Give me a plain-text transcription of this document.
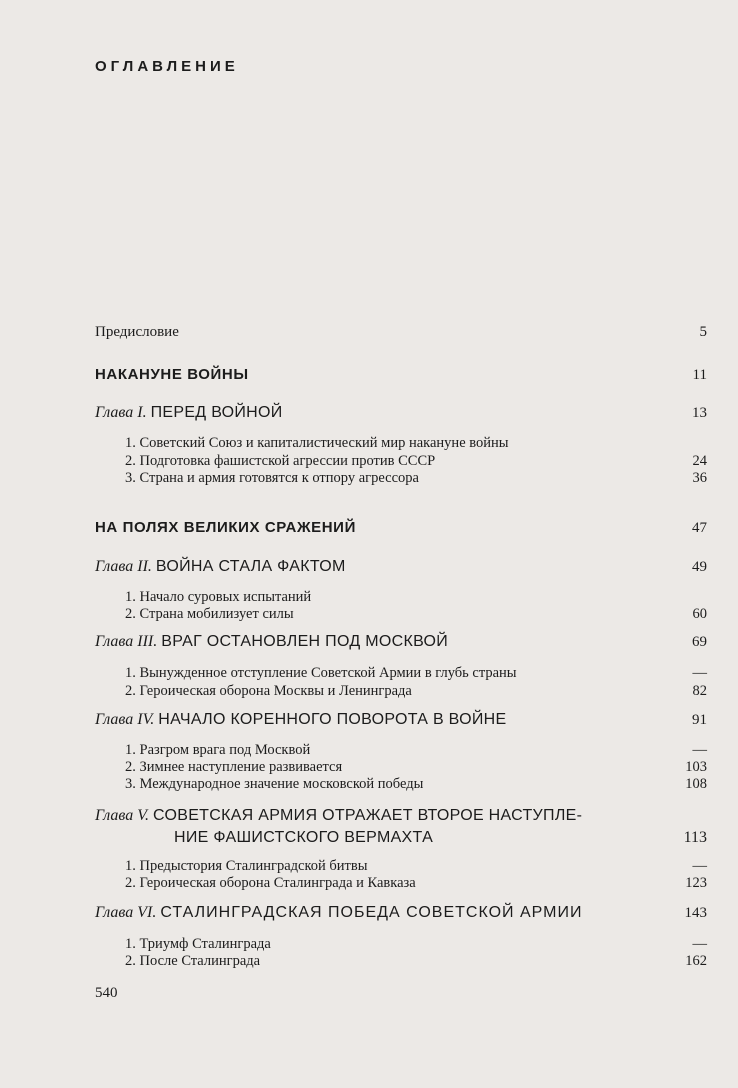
ОГЛАВЛЕНИЕ
Предисловие	5
НАКАНУНЕ ВОЙНЫ	11
Глава I. ПЕРЕД ВОЙНОЙ	13
1. Советский Союз и капиталистический мир накануне войны
2. Подготовка фашистской агрессии против СССР	24
3. Страна и армия готовятся к отпору агрессора	36
НА ПОЛЯХ ВЕЛИКИХ СРАЖЕНИЙ	47
Глава II. ВОЙНА СТАЛА ФАКТОМ	49
1. Начало суровых испытаний
2. Страна мобилизует силы	60
Глава III. ВРАГ ОСТАНОВЛЕН ПОД МОСКВОЙ	69
1. Вынужденное отступление Советской Армии в глубь страны	—
2. Героическая оборона Москвы и Ленинграда	82
Глава IV. НАЧАЛО КОРЕННОГО ПОВОРОТА В ВОЙНЕ	91
1. Разгром врага под Москвой	—
2. Зимнее наступление развивается	103
3. Международное значение московской победы	108
Глава V. СОВЕТСКАЯ АРМИЯ ОТРАЖАЕТ ВТОРОЕ НАСТУПЛЕ-
НИЕ ФАШИСТСКОГО ВЕРМАХТА	113
1. Предыстория Сталинградской битвы	—
2. Героическая оборона Сталинграда и Кавказа	123
Глава VI. СТАЛИНГРАДСКАЯ ПОБЕДА СОВЕТСКОЙ АРМИИ	143
1. Триумф Сталинграда	—
2. После Сталинграда	162
540
